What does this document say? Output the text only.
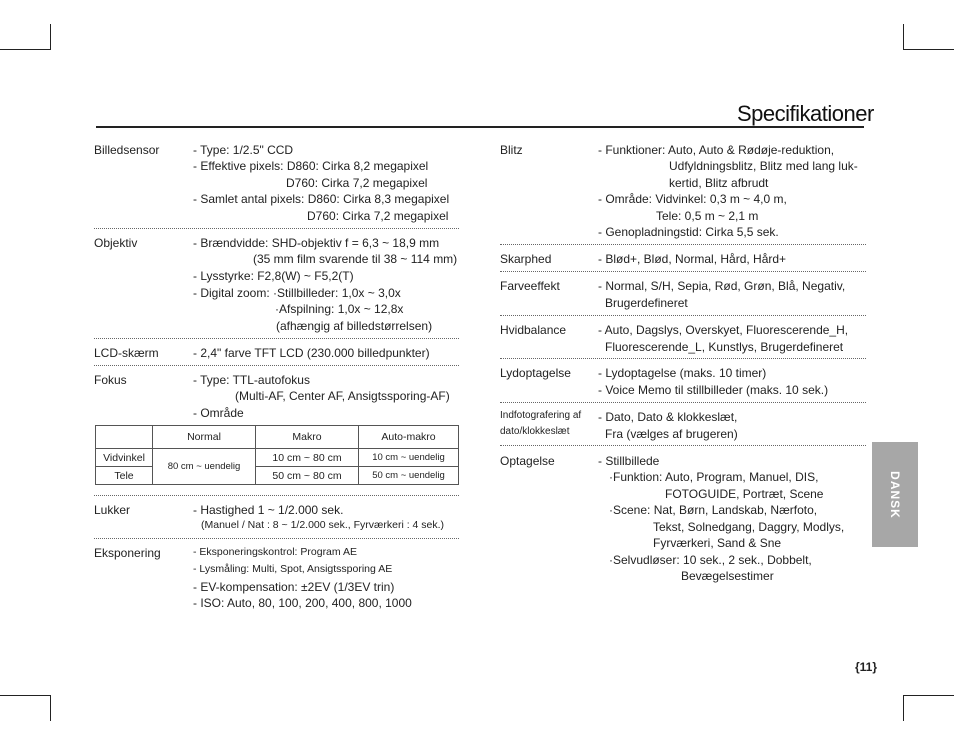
Specifikationer
Billedsensor	- Type: 1/2.5" CCD
- Effektive pixels: D860: Cirka 8,2 megapixel
D760: Cirka 7,2 megapixel
- Samlet antal pixels: D860: Cirka 8,3 megapixel
D760: Cirka 7,2 megapixel
Objektiv	- Brændvidde: SHD-objektiv f = 6,3 ~ 18,9 mm
(35 mm film svarende til 38 ~ 114 mm)
- Lysstyrke: F2,8(W) ~ F5,2(T)
- Digital zoom: ·Stillbilleder: 1,0x ~ 3,0x
·Afspilning: 1,0x ~ 12,8x
(afhængig af billedstørrelsen)
LCD-skærm	- 2,4" farve TFT LCD (230.000 billedpunkter)
Fokus	- Type: TTL-autofokus
(Multi-AF, Center AF, Ansigtssporing-AF)
- Område
	Normal	Makro	Auto-makro
Vidvinkel	80 cm ~ uendelig	10 cm ~ 80 cm	10 cm ~ uendelig
Tele		50 cm ~ 80 cm	50 cm ~ uendelig
Lukker	- Hastighed 1 ~ 1/2.000 sek.
(Manuel / Nat : 8 ~ 1/2.000 sek., Fyrværkeri : 4 sek.)
Eksponering	- Eksponeringskontrol: Program AE
- Lysmåling: Multi, Spot, Ansigtssporing AE
- EV-kompensation: ±2EV (1/3EV trin)
- ISO: Auto, 80, 100, 200, 400, 800, 1000
Blitz	- Funktioner: Auto, Auto & Rødøje-reduktion,
Udfyldningsblitz, Blitz med lang luk-
kertid, Blitz afbrudt
- Område: Vidvinkel: 0,3 m ~ 4,0 m,
Tele: 0,5 m ~ 2,1 m
- Genopladningstid: Cirka 5,5 sek.
Skarphed	- Blød+, Blød, Normal, Hård, Hård+
Farveeffekt	- Normal, S/H, Sepia, Rød, Grøn, Blå, Negativ,
Brugerdefineret
Hvidbalance	- Auto, Dagslys, Overskyet, Fluorescerende_H,
Fluorescerende_L, Kunstlys, Brugerdefineret
Lydoptagelse - Lydoptagelse (maks. 10 timer)
- Voice Memo til stillbilleder (maks. 10 sek.)
Indfotografering af
dato/klokkeslæt
- Dato, Dato & klokkeslæt,
Fra (vælges af brugeren)
Optagelse	- Stillbillede
·Funktion: Auto, Program, Manuel, DIS,
FOTOGUIDE, Portræt, Scene
·Scene: Nat, Børn, Landskab, Nærfoto,
Tekst, Solnedgang, Daggry, Modlys,
Fyrværkeri, Sand & Sne
·Selvudløser: 10 sek., 2 sek., Dobbelt,
Bevægelsestimer
DANSK
{11}
